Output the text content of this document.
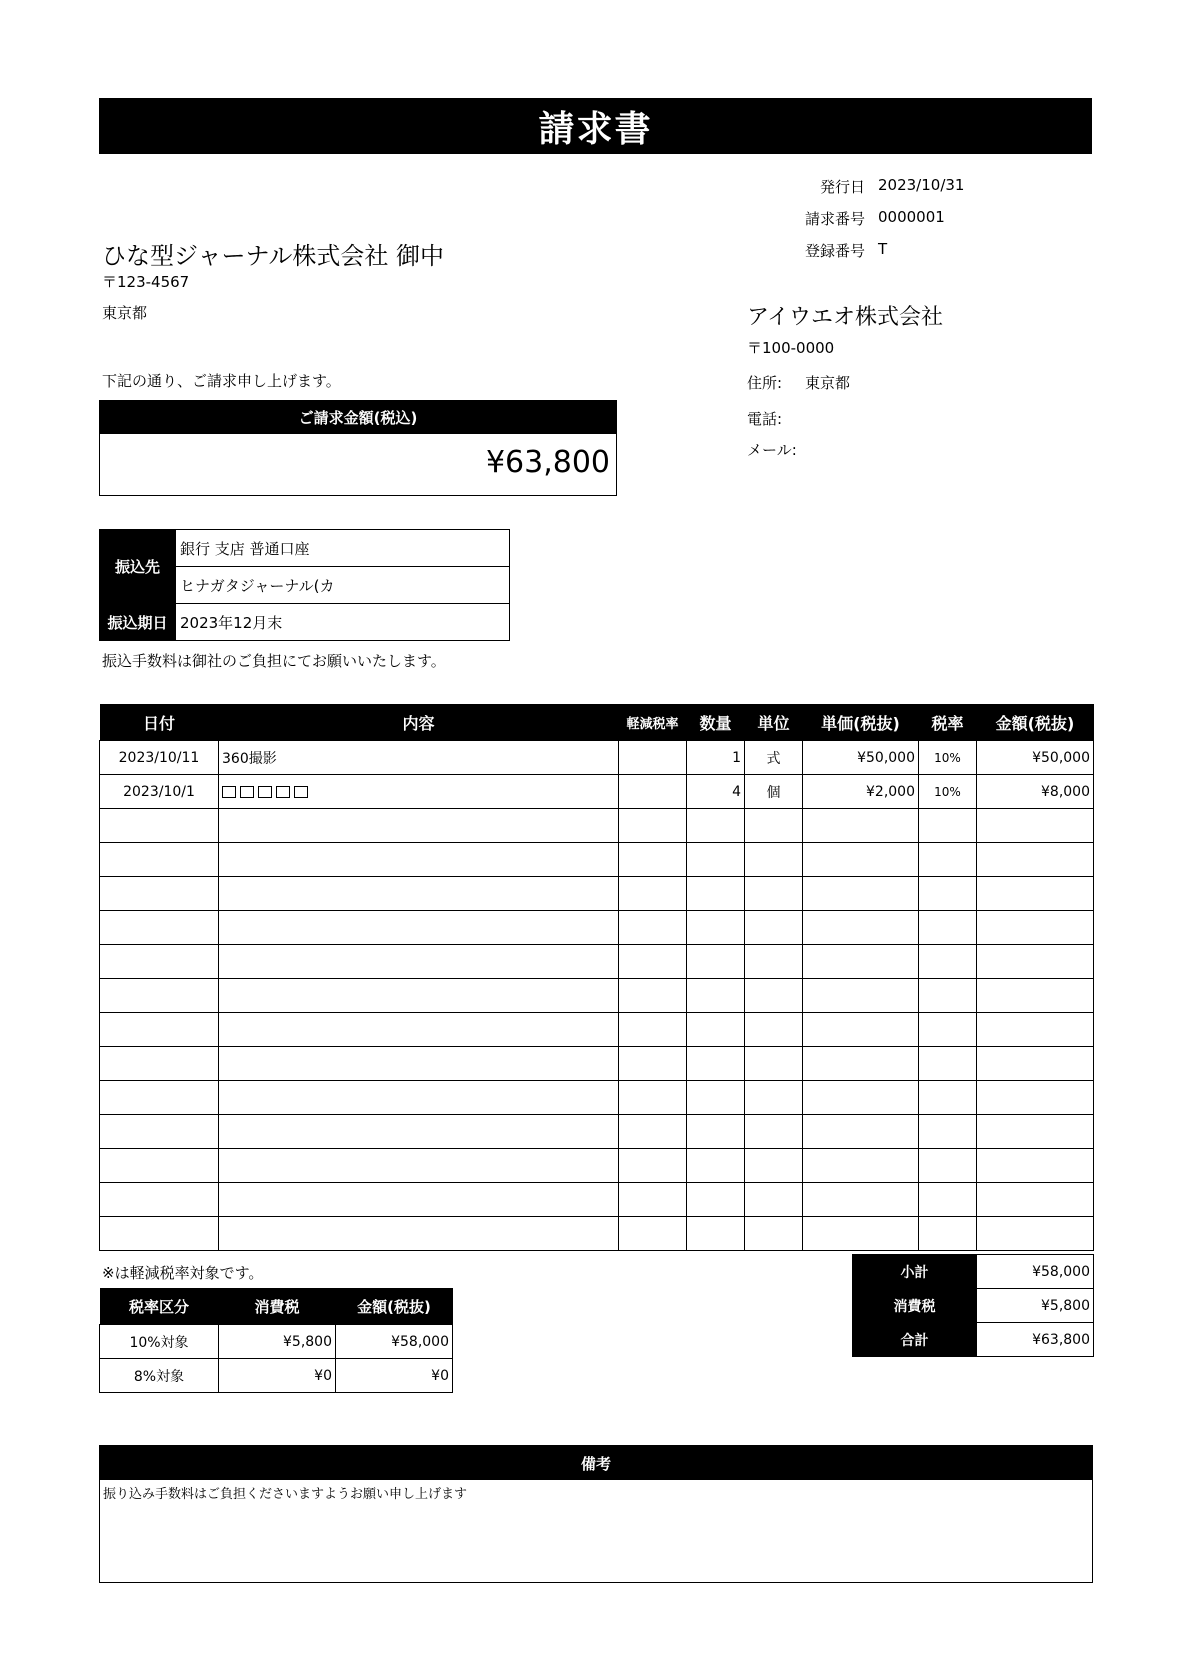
請求書
発行日 2023/10/31
請求番号 0000001
登録番号 T
ひな型ジャーナル株式会社 御中
〒123-4567
東京都
下記の通り、ご請求申し上げます。
アイウエオ株式会社
〒100-0000
住所: 東京都
電話:
メール:
ご請求金額(税込)
¥63,800
振込先	銀行 支店 普通口座
	ヒナガタジャーナル(カ
振込期日	2023年12月末
振込手数料は御社のご負担にてお願いいたします。
日付	内容	軽減税率	数量	単位	単価(税抜)	税率	金額(税抜)
2023/10/11	360撮影		1	式	¥50,000	10%	¥50,000
2023/10/1			4	個	¥2,000	10%	¥8,000

※は軽減税率対象です。
税率区分	消費税	金額(税抜)
10%対象	¥5,800	¥58,000
8%対象	¥0	¥0
小計	¥58,000
消費税	¥5,800
合計	¥63,800
備考
振り込み手数料はご負担くださいますようお願い申し上げます
